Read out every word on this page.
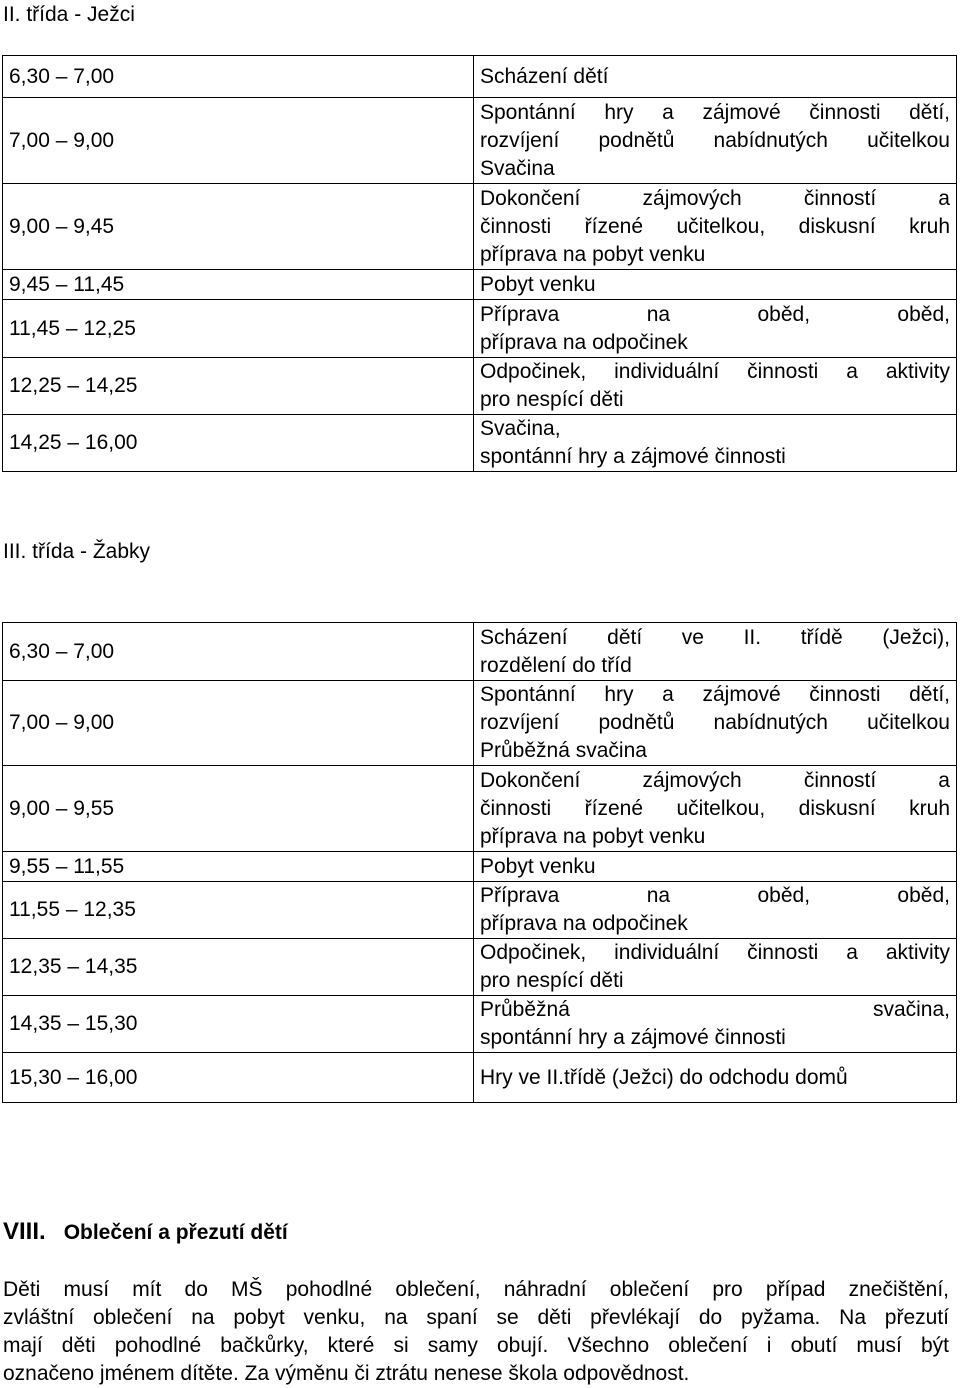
II. třída - Ježci
6,30 – 7,00	Scházení dětí

7,00 – 9,00	Spontánní hry a zájmové činnosti dětí,
rozvíjení podnětů nabídnutých učitelkou
Svačina

9,00 – 9,45	Dokončení zájmových činností a
činnosti řízené učitelkou, diskusní kruh
příprava na pobyt venku

9,45 – 11,45	Pobyt venku

11,45 – 12,25	Příprava na oběd, oběd,
příprava na odpočinek

12,25 – 14,25	Odpočinek, individuální činnosti a aktivity
pro nespící děti

14,25 – 16,00	Svačina,
spontánní hry a zájmové činnosti
III. třída - Žabky
6,30 – 7,00	Scházení dětí ve II. třídě (Ježci),
rozdělení do tříd

7,00 – 9,00	Spontánní hry a zájmové činnosti dětí,
rozvíjení podnětů nabídnutých učitelkou
Průběžná svačina

9,00 – 9,55	Dokončení zájmových činností a
činnosti řízené učitelkou, diskusní kruh
příprava na pobyt venku

9,55 – 11,55	Pobyt venku

11,55 – 12,35	Příprava na oběd, oběd,
příprava na odpočinek

12,35 – 14,35	Odpočinek, individuální činnosti a aktivity
pro nespící děti

14,35 – 15,30	Průběžná svačina,
spontánní hry a zájmové činnosti

15,30 – 16,00	Hry ve II.třídě (Ježci) do odchodu domů
VIII. Oblečení a přezutí dětí
Děti musí mít do MŠ pohodlné oblečení, náhradní oblečení pro případ znečištění,
zvláštní oblečení na pobyt venku, na spaní se děti převlékají do pyžama. Na přezutí
mají děti pohodlné bačkůrky, které si samy obují. Všechno oblečení i obutí musí být
označeno jménem dítěte. Za výměnu či ztrátu nenese škola odpovědnost.
